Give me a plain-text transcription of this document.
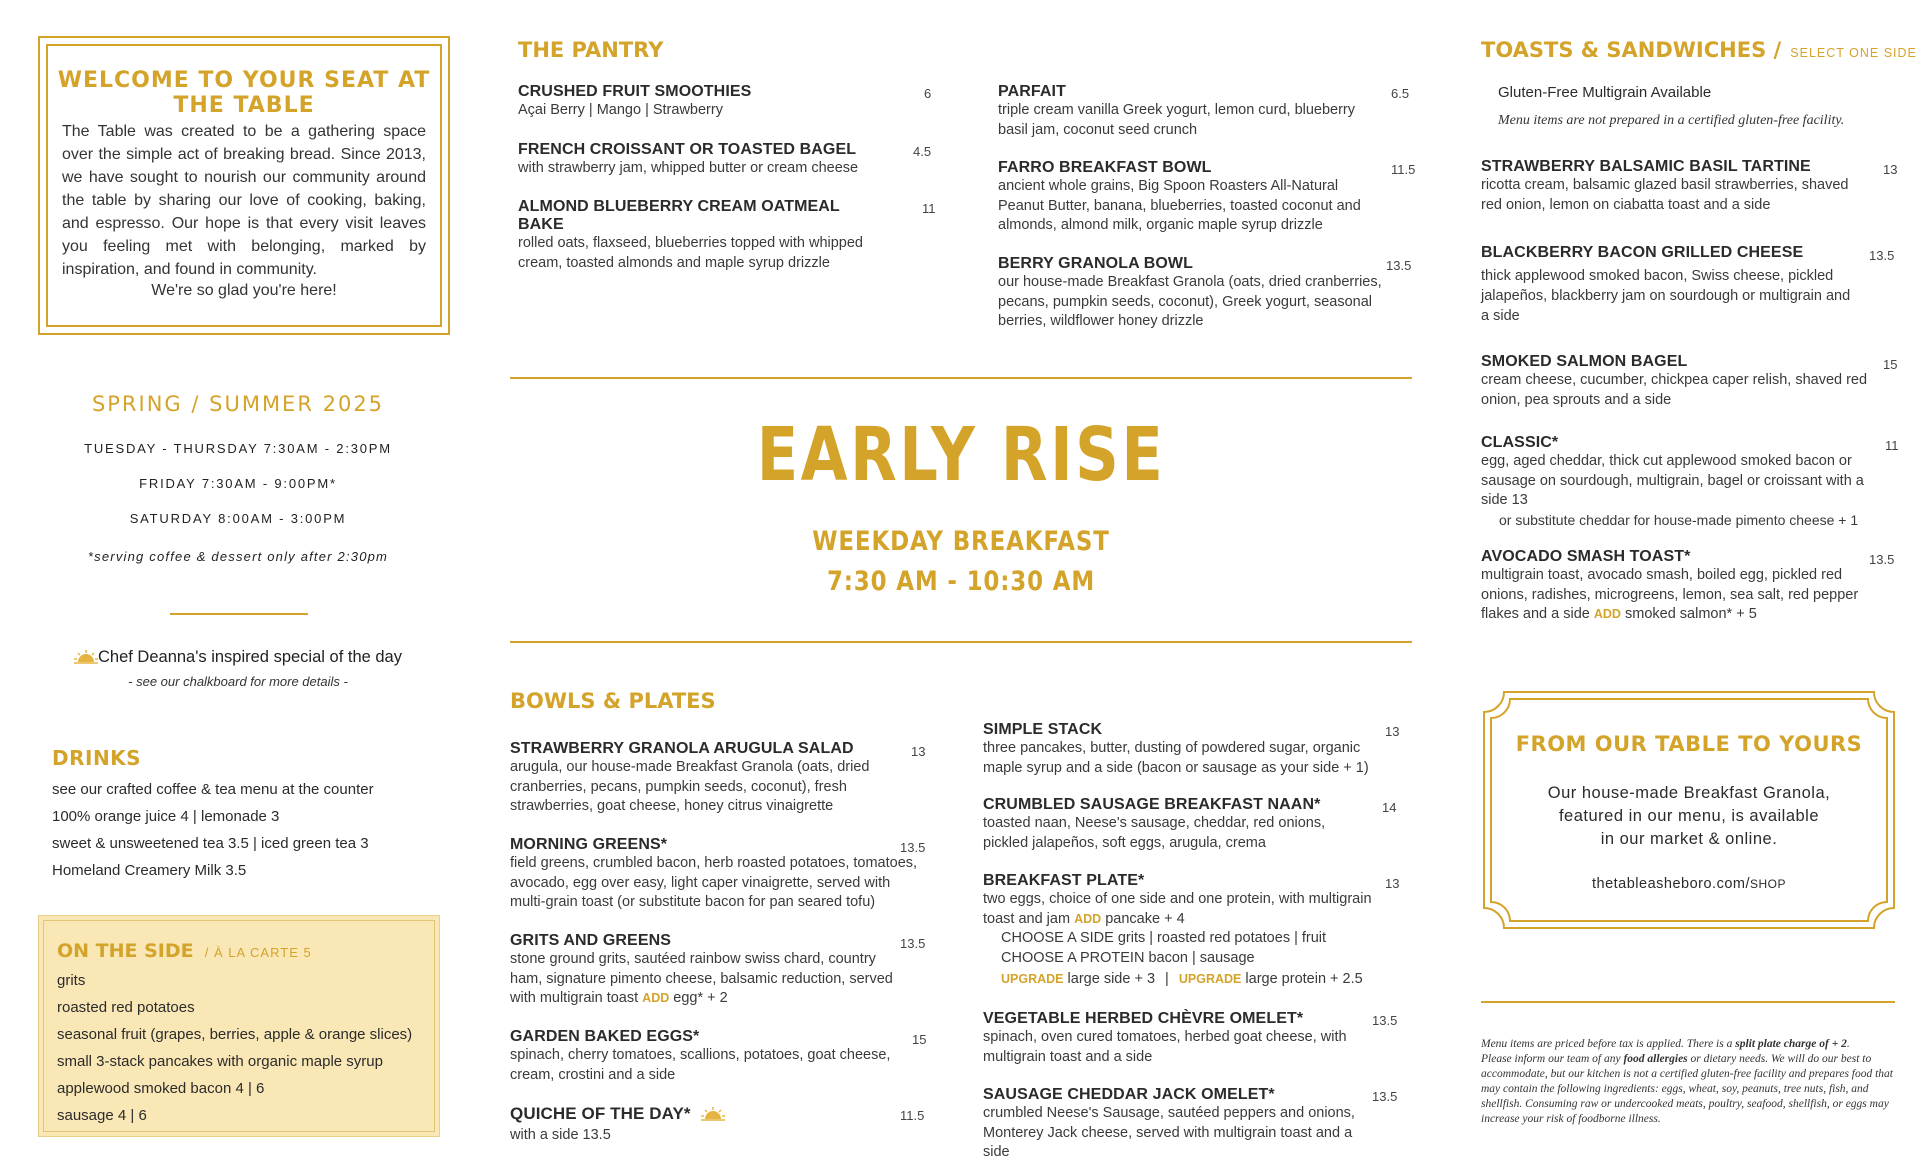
WELCOME TO YOUR SEAT AT THE TABLE
The Table was created to be a gathering space over the simple act of breaking bread. Since 2013, we have sought to nourish our community around the table by sharing our love of cooking, baking, and espresso. Our hope is that every visit leaves you feeling met with belonging, marked by inspiration, and found in community.
We're so glad you're here!
SPRING / SUMMER 2025
TUESDAY - THURSDAY 7:30AM - 2:30PM
FRIDAY 7:30AM - 9:00PM*
SATURDAY 8:00AM - 3:00PM
*serving coffee & dessert only after 2:30pm
Chef Deanna's inspired special of the day
- see our chalkboard for more details -
DRINKS
see our crafted coffee & tea menu at the counter
100% orange juice 4 | lemonade 3
sweet & unsweetened tea 3.5 | iced green tea 3
Homeland Creamery Milk 3.5
ON THE SIDE / À LA CARTE 5
grits
roasted red potatoes
seasonal fruit (grapes, berries, apple & orange slices)
small 3-stack pancakes with organic maple syrup
applewood smoked bacon 4 | 6
sausage 4 | 6
THE PANTRY
CRUSHED FRUIT SMOOTHIES
Açai Berry | Mango | Strawberry
6
FRENCH CROISSANT OR TOASTED BAGEL
with strawberry jam, whipped butter or cream cheese
4.5
ALMOND BLUEBERRY CREAM OATMEAL BAKE
rolled oats, flaxseed, blueberries topped with whipped cream, toasted almonds and maple syrup drizzle
11
PARFAIT
triple cream vanilla Greek yogurt, lemon curd, blueberry basil jam, coconut seed crunch
6.5
FARRO BREAKFAST BOWL
ancient whole grains, Big Spoon Roasters All-Natural Peanut Butter, banana, blueberries, toasted coconut and almonds, almond milk, organic maple syrup drizzle
11.5
BERRY GRANOLA BOWL
our house-made Breakfast Granola (oats, dried cranberries, pecans, pumpkin seeds, coconut), Greek yogurt, seasonal berries, wildflower honey drizzle
13.5
EARLY RISE
WEEKDAY BREAKFAST
7:30 AM - 10:30 AM
BOWLS & PLATES
STRAWBERRY GRANOLA ARUGULA SALAD
arugula, our house-made Breakfast Granola (oats, dried cranberries, pecans, pumpkin seeds, coconut), fresh strawberries, goat cheese, honey citrus vinaigrette
13
MORNING GREENS*
field greens, crumbled bacon, herb roasted potatoes, tomatoes, avocado, egg over easy, light caper vinaigrette, served with multi-grain toast (or substitute bacon for pan seared tofu)
13.5
GRITS AND GREENS
stone ground grits, sautéed rainbow swiss chard, country ham, signature pimento cheese, balsamic reduction, served with multigrain toast ADD egg* + 2
13.5
GARDEN BAKED EGGS*
spinach, cherry tomatoes, scallions, potatoes, goat cheese, cream, crostini and a side
15
QUICHE OF THE DAY*
with a side 13.5
11.5
SIMPLE STACK
three pancakes, butter, dusting of powdered sugar, organic maple syrup and a side (bacon or sausage as your side + 1)
13
CRUMBLED SAUSAGE BREAKFAST NAAN*
toasted naan, Neese's sausage, cheddar, red onions, pickled jalapeños, soft eggs, arugula, crema
14
BREAKFAST PLATE*
two eggs, choice of one side and one protein, with multigrain toast and jam ADD pancake + 4
CHOOSE A SIDE grits | roasted red potatoes | fruit
CHOOSE A PROTEIN bacon | sausage
UPGRADE large side + 3 | UPGRADE large protein + 2.5
13
VEGETABLE HERBED CHÈVRE OMELET*
spinach, oven cured tomatoes, herbed goat cheese, with multigrain toast and a side
13.5
SAUSAGE CHEDDAR JACK OMELET*
crumbled Neese's Sausage, sautéed peppers and onions, Monterey Jack cheese, served with multigrain toast and a side
13.5
TOASTS & SANDWICHES / SELECT ONE SIDE
Gluten-Free Multigrain Available
Menu items are not prepared in a certified gluten-free facility.
STRAWBERRY BALSAMIC BASIL TARTINE
ricotta cream, balsamic glazed basil strawberries, shaved red onion, lemon on ciabatta toast and a side
13
BLACKBERRY BACON GRILLED CHEESE
thick applewood smoked bacon, Swiss cheese, pickled jalapeños, blackberry jam on sourdough or multigrain and a side
13.5
SMOKED SALMON BAGEL
cream cheese, cucumber, chickpea caper relish, shaved red onion, pea sprouts and a side
15
CLASSIC*
egg, aged cheddar, thick cut applewood smoked bacon or sausage on sourdough, multigrain, bagel or croissant with a side 13
or substitute cheddar for house-made pimento cheese + 1
11
AVOCADO SMASH TOAST*
multigrain toast, avocado smash, boiled egg, pickled red onions, radishes, microgreens, lemon, sea salt, red pepper flakes and a side ADD smoked salmon* + 5
13.5
FROM OUR TABLE TO YOURS
Our house-made Breakfast Granola,
featured in our menu, is available
in our market & online.
thetableasheboro.com/SHOP
Menu items are priced before tax is applied. There is a split plate charge of + 2.
Please inform our team of any food allergies or dietary needs. We will do our best to accommodate, but our kitchen is not a certified gluten-free facility and prepares food that may contain the following ingredients: eggs, wheat, soy, peanuts, tree nuts, fish, and shellfish. Consuming raw or undercooked meats, poultry, seafood, shellfish, or eggs may increase your risk of foodborne illness.
